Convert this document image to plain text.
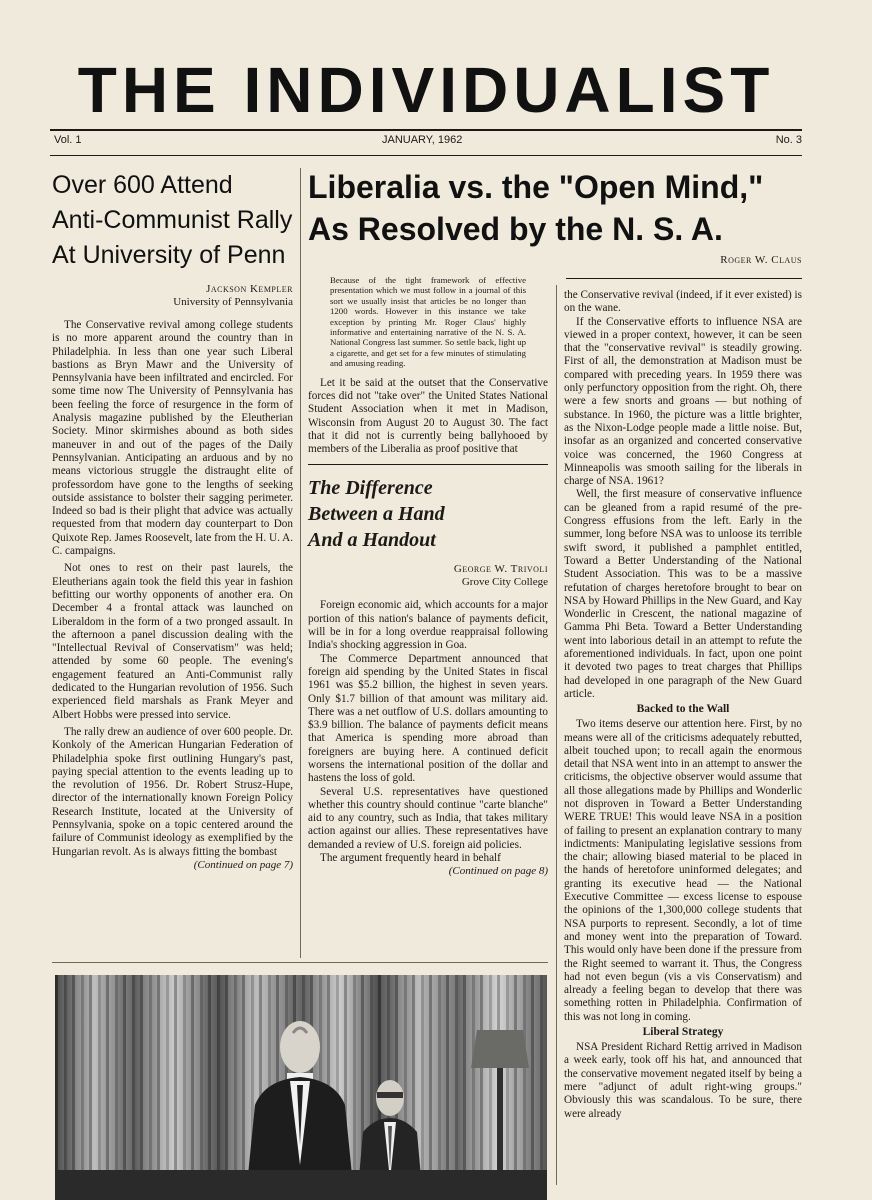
THE INDIVIDUALIST
Vol. 1	JANUARY, 1962	No. 3
Over 600 Attend
Anti-Communist Rally
At University of Penn
Jackson Kempler
University of Pennsylvania

The Conservative revival among college students is no more apparent around the country than in Philadelphia. In less than one year such Liberal bastions as Bryn Mawr and the University of Pennsylvania have been infiltrated and encircled. For some time now The University of Pennsylvania has been feeling the force of resurgence in the form of Analysis magazine published by the Eleutherian Society. Minor skirmishes abound as both sides maneuver in and out of the pages of the Daily Pennsylvanian. Anticipating an arduous and by no means victorious struggle the distraught elite of professordom have gone to the lengths of seeking outside assistance to bolster their sagging perimeter. Indeed so bad is their plight that advice was actually requested from that modern day counterpart to Don Quixote Rep. James Roosevelt, late from the H. U. A. C. campaigns.

Not ones to rest on their past laurels, the Eleutherians again took the field this year in fashion befitting our worthy opponents of another era. On December 4 a frontal attack was launched on Liberaldom in the form of a two pronged assault. In the afternoon a panel discussion dealing with the "Intellectual Revival of Conservatism" was held; attended by some 60 people. The evening's engagement featured an Anti-Communist rally dedicated to the Hungarian revolution of 1956. Such experienced field marshals as Frank Meyer and Albert Hobbs were pressed into service.

The rally drew an audience of over 600 people. Dr. Konkoly of the American Hungarian Federation of Philadelphia spoke first outlining Hungary's past, paying special attention to the events leading up to the revolution of 1956. Dr. Robert Strusz-Hupe, director of the internationally known Foreign Policy Research Institute, located at the University of Pennsylvania, spoke on a topic centered around the failure of Communist ideology as exemplified by the Hungarian revolt. As is always fitting the bombast

(Continued on page 7)
Liberalia vs. the "Open Mind,"
As Resolved by the N. S. A.
Roger W. Claus
Because of the tight framework of effective presentation which we must follow in a journal of this sort we usually insist that articles be no longer than 1200 words. However in this instance we take exception by printing Mr. Roger Claus' highly informative and entertaining narrative of the N. S. A. National Congress last summer. So settle back, light up a cigarette, and get set for a few minutes of stimulating and amusing reading.

Let it be said at the outset that the Conservative forces did not "take over" the United States National Student Association when it met in Madison, Wisconsin from August 20 to August 30. The fact that it did not is currently being ballyhooed by members of the Liberalia as proof positive that

The Difference
Between a Hand
And a Handout
George W. Trivoli
Grove City College

Foreign economic aid, which accounts for a major portion of this nation's balance of payments deficit, will be in for a long overdue reappraisal following India's shocking aggression in Goa.

The Commerce Department announced that foreign aid spending by the United States in fiscal 1961 was $5.2 billion, the highest in seven years. Only $1.7 billion of that amount was military aid. There was a net outflow of U.S. dollars amounting to $3.9 billion. The balance of payments deficit means that America is spending more abroad than foreigners are buying here. A continued deficit worsens the international position of the dollar and hastens the loss of gold.

Several U.S. representatives have questioned whether this country should continue "carte blanche" aid to any country, such as India, that takes military action against our allies. These representatives have demanded a review of U.S. foreign aid policies.

The argument frequently heard in behalf

(Continued on page 8)

the Conservative revival (indeed, if it ever existed) is on the wane.

If the Conservative efforts to influence NSA are viewed in a proper context, however, it can be seen that the "conservative revival" is steadily growing. First of all, the demonstration at Madison must be compared with preceding years. In 1959 there was only perfunctory opposition from the right. Oh, there were a few snorts and groans — but nothing of substance. In 1960, the picture was a little brighter, as the Nixon-Lodge people made a little noise. But, insofar as an organized and concerted conservative voice was concerned, the 1960 Congress at Minneapolis was smooth sailing for the liberals in charge of NSA. 1961?

Well, the first measure of conservative influence can be gleaned from a rapid resumé of the pre-Congress effusions from the left. Early in the summer, long before NSA was to unloose its terrible swift sword, it published a pamphlet entitled, Toward a Better Understanding of the National Student Association. This was to be a massive refutation of charges heretofore brought to bear on NSA by Howard Phillips in the New Guard, and Kay Wonderlic in Crescent, the national magazine of Gamma Phi Beta. Toward a Better Understanding went into laborious detail in an attempt to refute the aforementioned individuals. In fact, upon one point it devoted two pages to treat charges that Phillips had developed in one paragraph of the New Guard article.

Backed to the Wall

Two items deserve our attention here. First, by no means were all of the criticisms adequately rebutted, albeit touched upon; to recall again the enormous detail that NSA went into in an attempt to answer the criticisms, the objective observer would assume that all those allegations made by Phillips and Wonderlic not disproven in Toward a Better Understanding WERE TRUE! This would leave NSA in a position of failing to present an explanation contrary to many indictments: Manipulating legislative sessions from the chair; allowing biased material to be placed in the hands of heretofore uninformed delegates; and granting its executive head — the National Executive Committee — excess license to espouse the opinions of the 1,300,000 college students that NSA purports to represent. Secondly, a lot of time and money went into the preparation of Toward. This would only have been done if the pressure from the Right seemed to warrant it. Thus, the Congress had not even begun (vis a vis Conservatism) and already a feeling began to develop that there was something rotten in Philadelphia. Confirmation of this was not long in coming.

Liberal Strategy

NSA President Richard Rettig arrived in Madison a week early, took off his hat, and announced that the conservative movement negated itself by being a mere "adjunct of adult right-wing groups." Obviously this was scandalous. To be sure, there were already
